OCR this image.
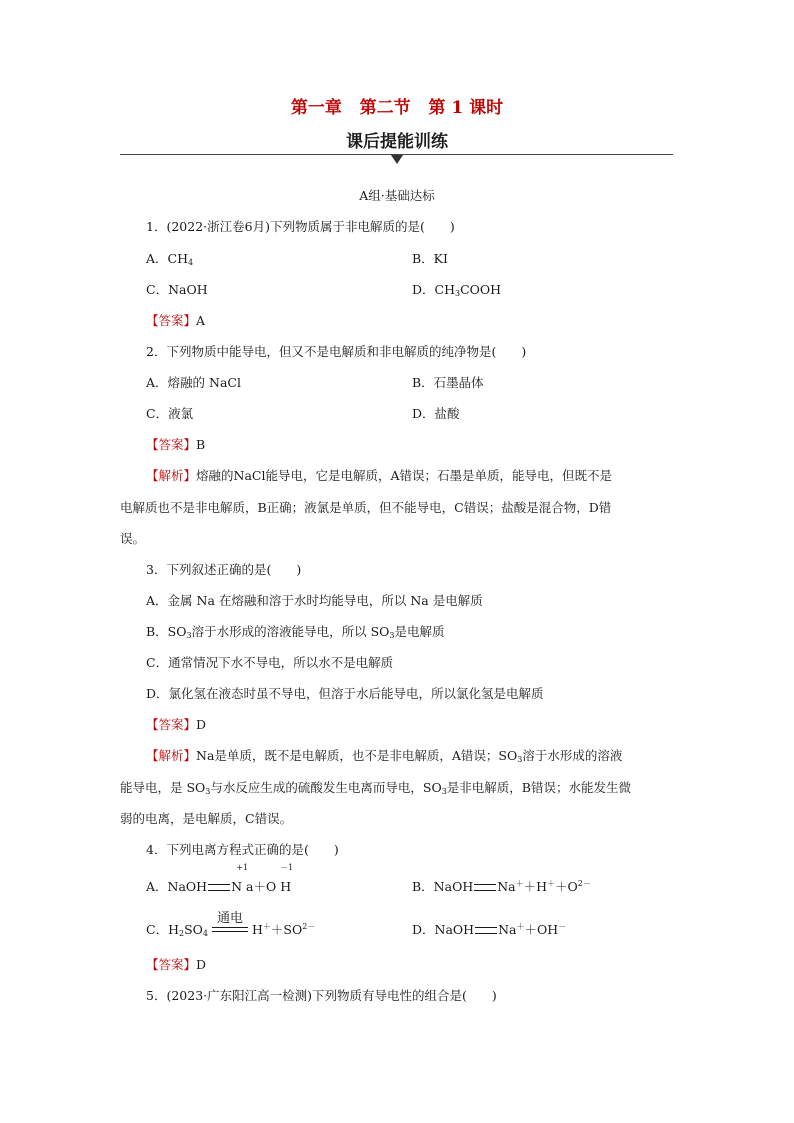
第一章 第二节 第 1 课时
课后提能训练
A组·基础达标
1．(2022·浙江卷6月)下列物质属于非电解质的是(　　)
A．$CH_4$	B．KI
C．NaOH	D．$CH_3COOH$
【答案】A
2．下列物质中能导电，但又不是电解质和非电解质的纯净物是(　　)
A．熔融的 NaCl	B．石墨晶体
C．液氯	D．盐酸
【答案】B
【解析】熔融的NaCl能导电，它是电解质，A错误；石墨是单质，能导电，但既不是
电解质也不是非电解质，B正确；液氯是单质，但不能导电，C错误；盐酸是混合物，D错
误。
3．下列叙述正确的是(　　)
A．金属 Na 在熔融和溶于水时均能导电，所以 Na 是电解质
B．$SO_3$溶于水形成的溶液能导电，所以 $SO_3$是电解质
C．通常情况下水不导电，所以水不是电解质
D．氯化氢在液态时虽不导电，但溶于水后能导电，所以氯化氢是电解质
【答案】D
【解析】Na是单质，既不是电解质，也不是非电解质，A错误；$SO_3$溶于水形成的溶液
能导电，是 $SO_3$与水反应生成的硫酸发生电离而导电，$SO_3$是非电解质，B错误；水能发生微
弱的电离，是电解质，C错误。
4．下列电离方程式正确的是(　　)
A．NaOH
+1
N a＋O
－1
H	B．NaOH $Na^++H^++O^{2-}$
C．$H_2SO_4$
通电
$H^++SO^{2-}$	D．NaOH Na＋＋OH－
【答案】D
5．(2023·广东阳江高一检测)下列物质有导电性的组合是(　　)
